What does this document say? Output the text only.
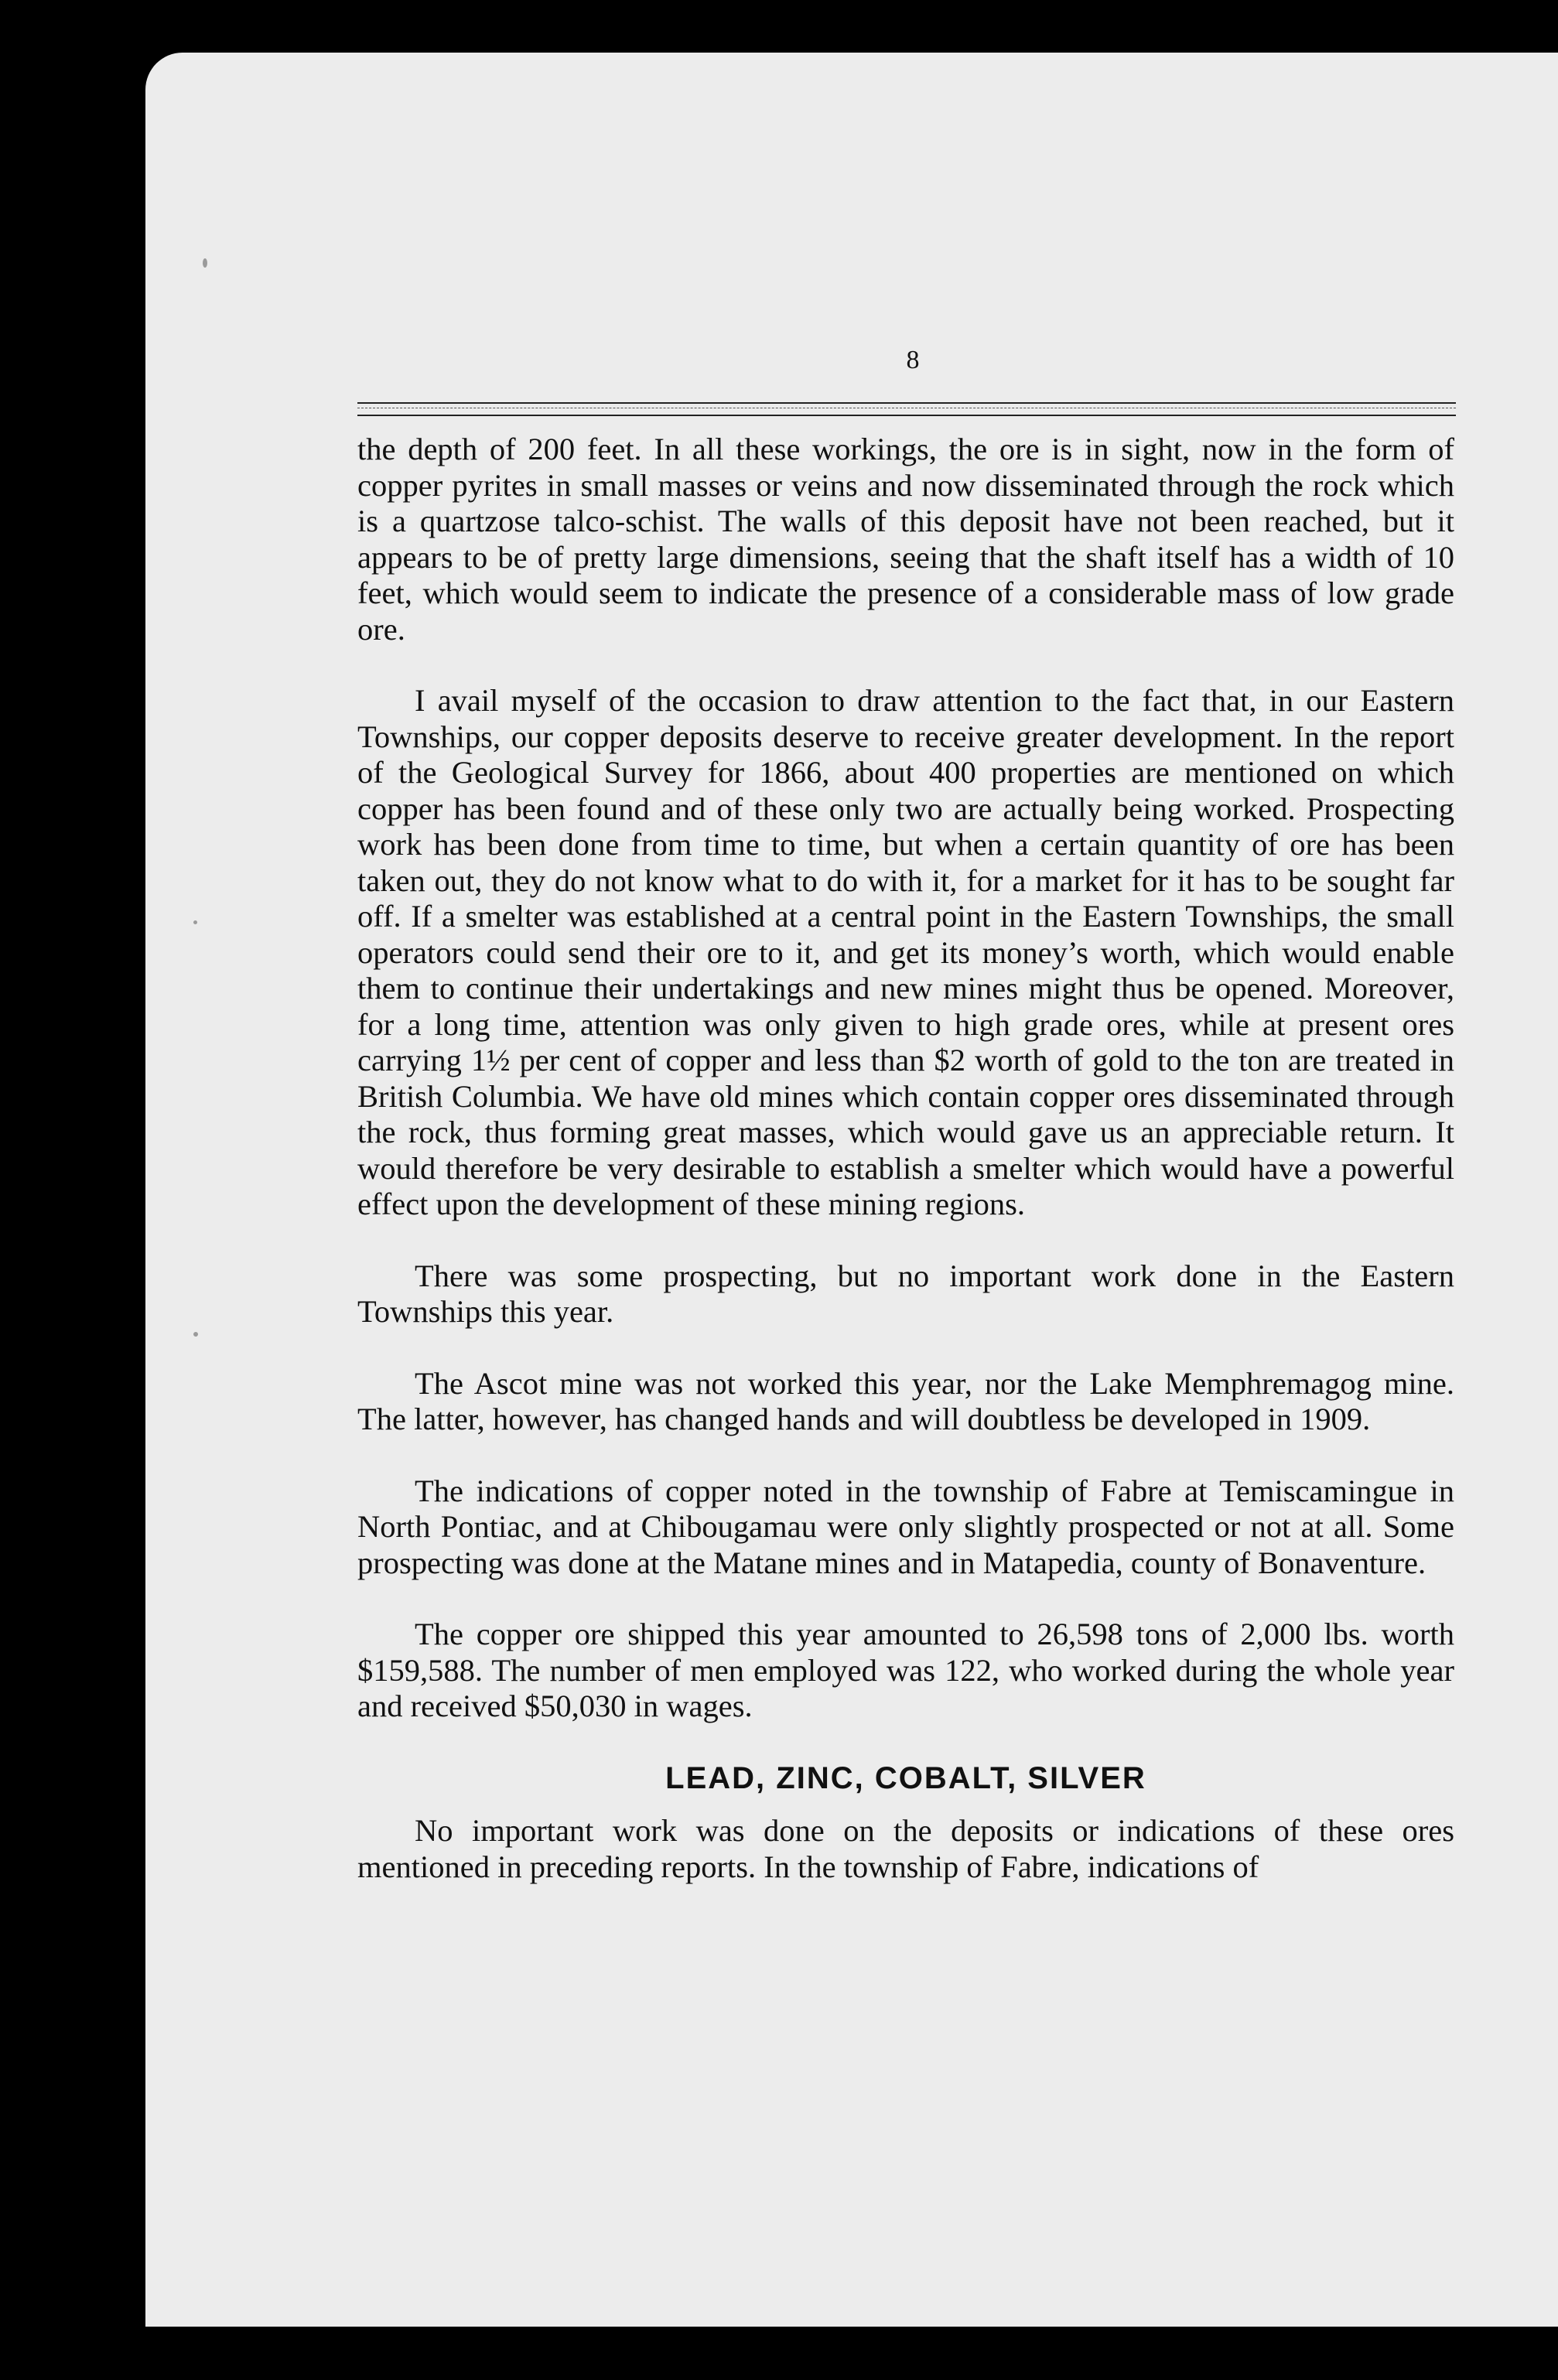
8

the depth of 200 feet. In all these workings, the ore is in sight, now in the form of copper pyrites in small masses or veins and now disseminated through the rock which is a quartzose talco-schist. The walls of this deposit have not been reached, but it appears to be of pretty large dimensions, seeing that the shaft itself has a width of 10 feet, which would seem to indicate the presence of a considerable mass of low grade ore.

I avail myself of the occasion to draw attention to the fact that, in our Eastern Townships, our copper deposits deserve to receive greater development. In the report of the Geological Survey for 1866, about 400 properties are mentioned on which copper has been found and of these only two are actually being worked. Prospecting work has been done from time to time, but when a certain quantity of ore has been taken out, they do not know what to do with it, for a market for it has to be sought far off. If a smelter was established at a central point in the Eastern Townships, the small operators could send their ore to it, and get its money’s worth, which would enable them to continue their undertakings and new mines might thus be opened. Moreover, for a long time, attention was only given to high grade ores, while at present ores carrying 1½ per cent of copper and less than $2 worth of gold to the ton are treated in British Columbia. We have old mines which contain copper ores disseminated through the rock, thus forming great masses, which would gave us an appreciable return. It would therefore be very desirable to establish a smelter which would have a powerful effect upon the development of these mining regions.

There was some prospecting, but no important work done in the Eastern Townships this year.

The Ascot mine was not worked this year, nor the Lake Memphremagog mine. The latter, however, has changed hands and will doubtless be developed in 1909.

The indications of copper noted in the township of Fabre at Temiscamingue in North Pontiac, and at Chibougamau were only slightly prospected or not at all. Some prospecting was done at the Matane mines and in Matapedia, county of Bonaventure.

The copper ore shipped this year amounted to 26,598 tons of 2,000 lbs. worth $159,588. The number of men employed was 122, who worked during the whole year and received $50,030 in wages.

LEAD, ZINC, COBALT, SILVER

No important work was done on the deposits or indications of these ores mentioned in preceding reports. In the township of Fabre, indications of
